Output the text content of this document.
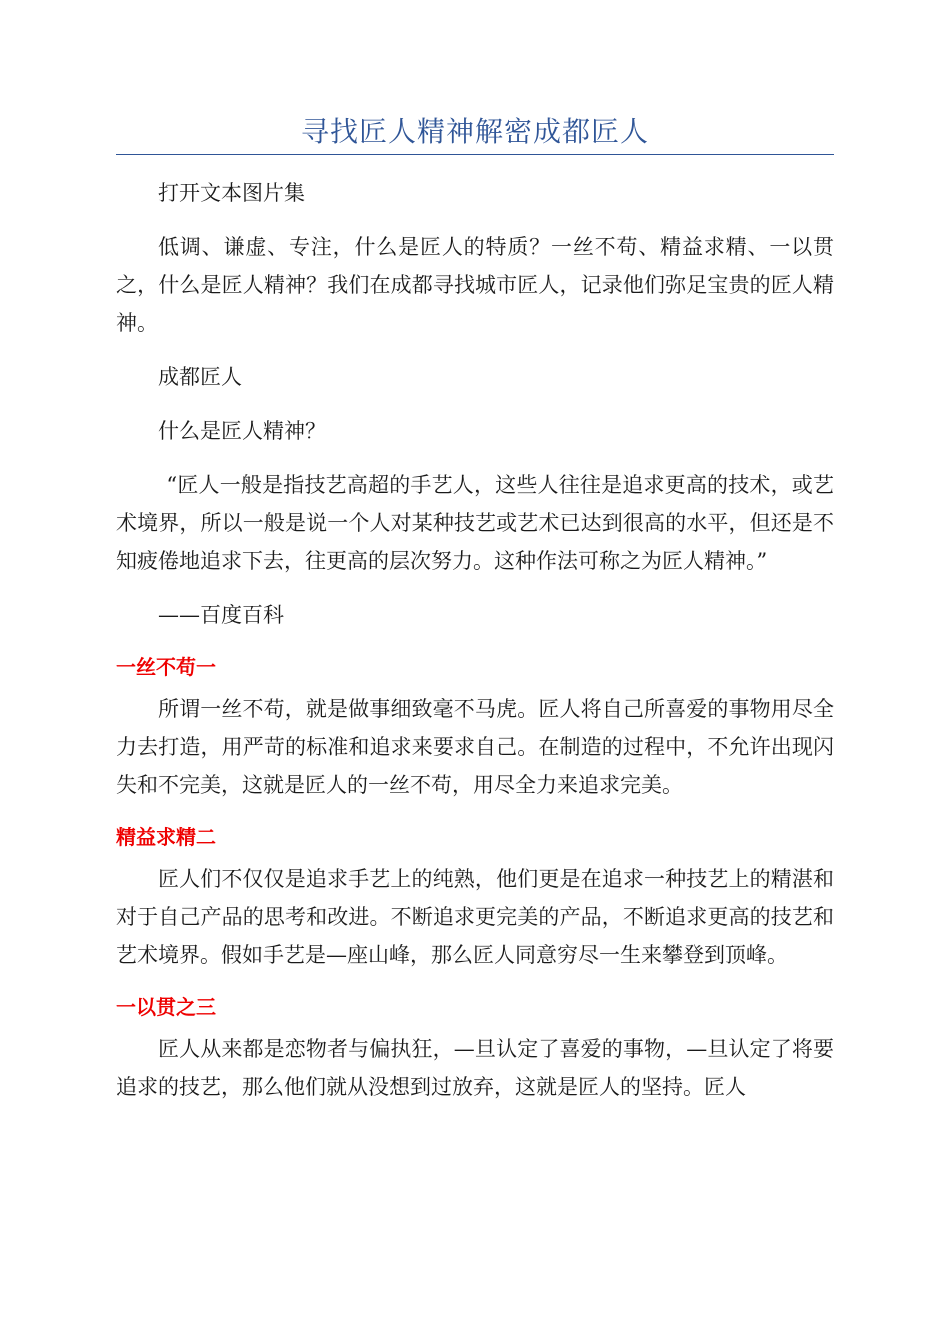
寻找匠人精神解密成都匠人

打开文本图片集

低调、谦虚、专注，什么是匠人的特质？一丝不苟、精益求精、一以贯之，什么是匠人精神？我们在成都寻找城市匠人，记录他们弥足宝贵的匠人精神。

成都匠人

什么是匠人精神？

“匠人一般是指技艺高超的手艺人，这些人往往是追求更高的技术，或艺术境界，所以一般是说一个人对某种技艺或艺术已达到很高的水平，但还是不知疲倦地追求下去，往更高的层次努力。这种作法可称之为匠人精神。”

——百度百科

一丝不苟一

所谓一丝不苟，就是做事细致毫不马虎。匠人将自己所喜爱的事物用尽全力去打造，用严苛的标准和追求来要求自己。在制造的过程中，不允许出现闪失和不完美，这就是匠人的一丝不苟，用尽全力来追求完美。

精益求精二

匠人们不仅仅是追求手艺上的纯熟，他们更是在追求一种技艺上的精湛和对于自己产品的思考和改进。不断追求更完美的产品，不断追求更高的技艺和艺术境界。假如手艺是—座山峰，那么匠人同意穷尽一生来攀登到顶峰。

一以贯之三

匠人从来都是恋物者与偏执狂，—旦认定了喜爱的事物，—旦认定了将要追求的技艺，那么他们就从没想到过放弃，这就是匠人的坚持。匠人
